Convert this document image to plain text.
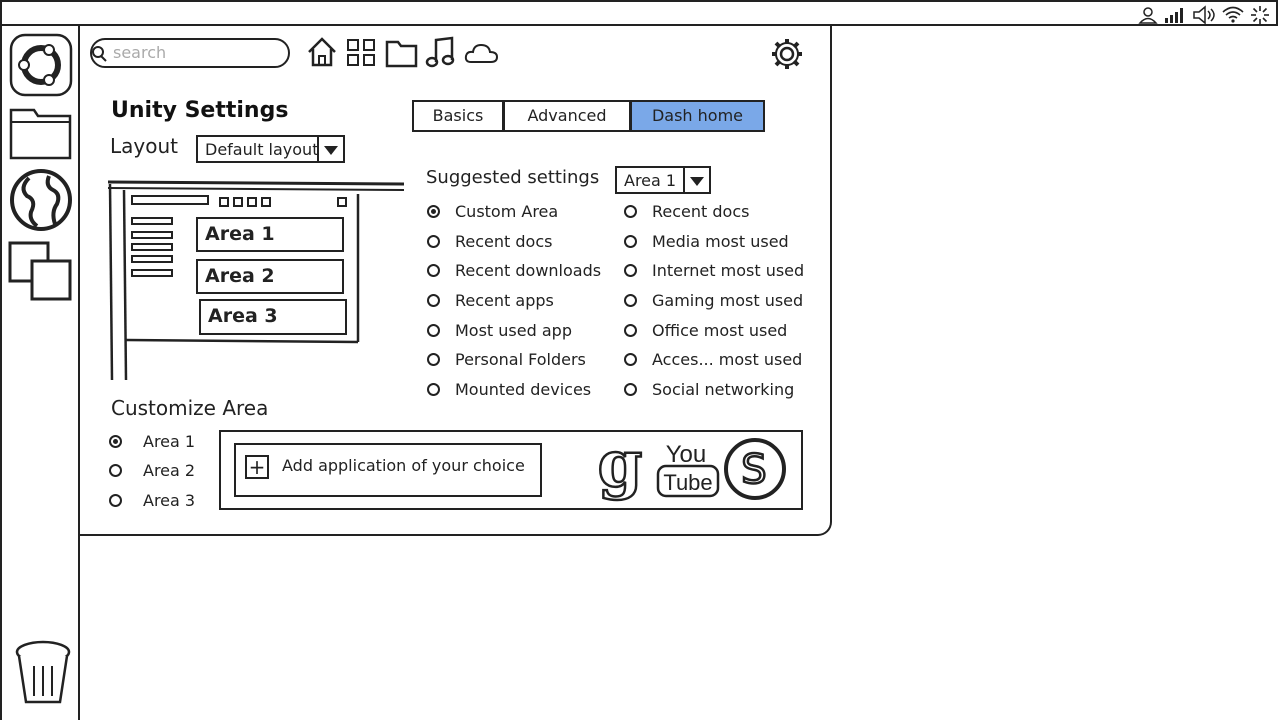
search
Unity Settings
Layout Default layout
Basics	Advanced	Dash home
Area 1
Area 2
Area 3
Suggested settings Area 1
Custom Area
Recent docs
Recent downloads
Recent apps
Most used app
Personal Folders
Mounted devices
Recent docs
Media most used
Internet most used
Gaming most used
Office most used
Acces... most used
Social networking
Customize Area
Area 1
Area 2
Area 3
+ Add application of your choice g You
Tube S
